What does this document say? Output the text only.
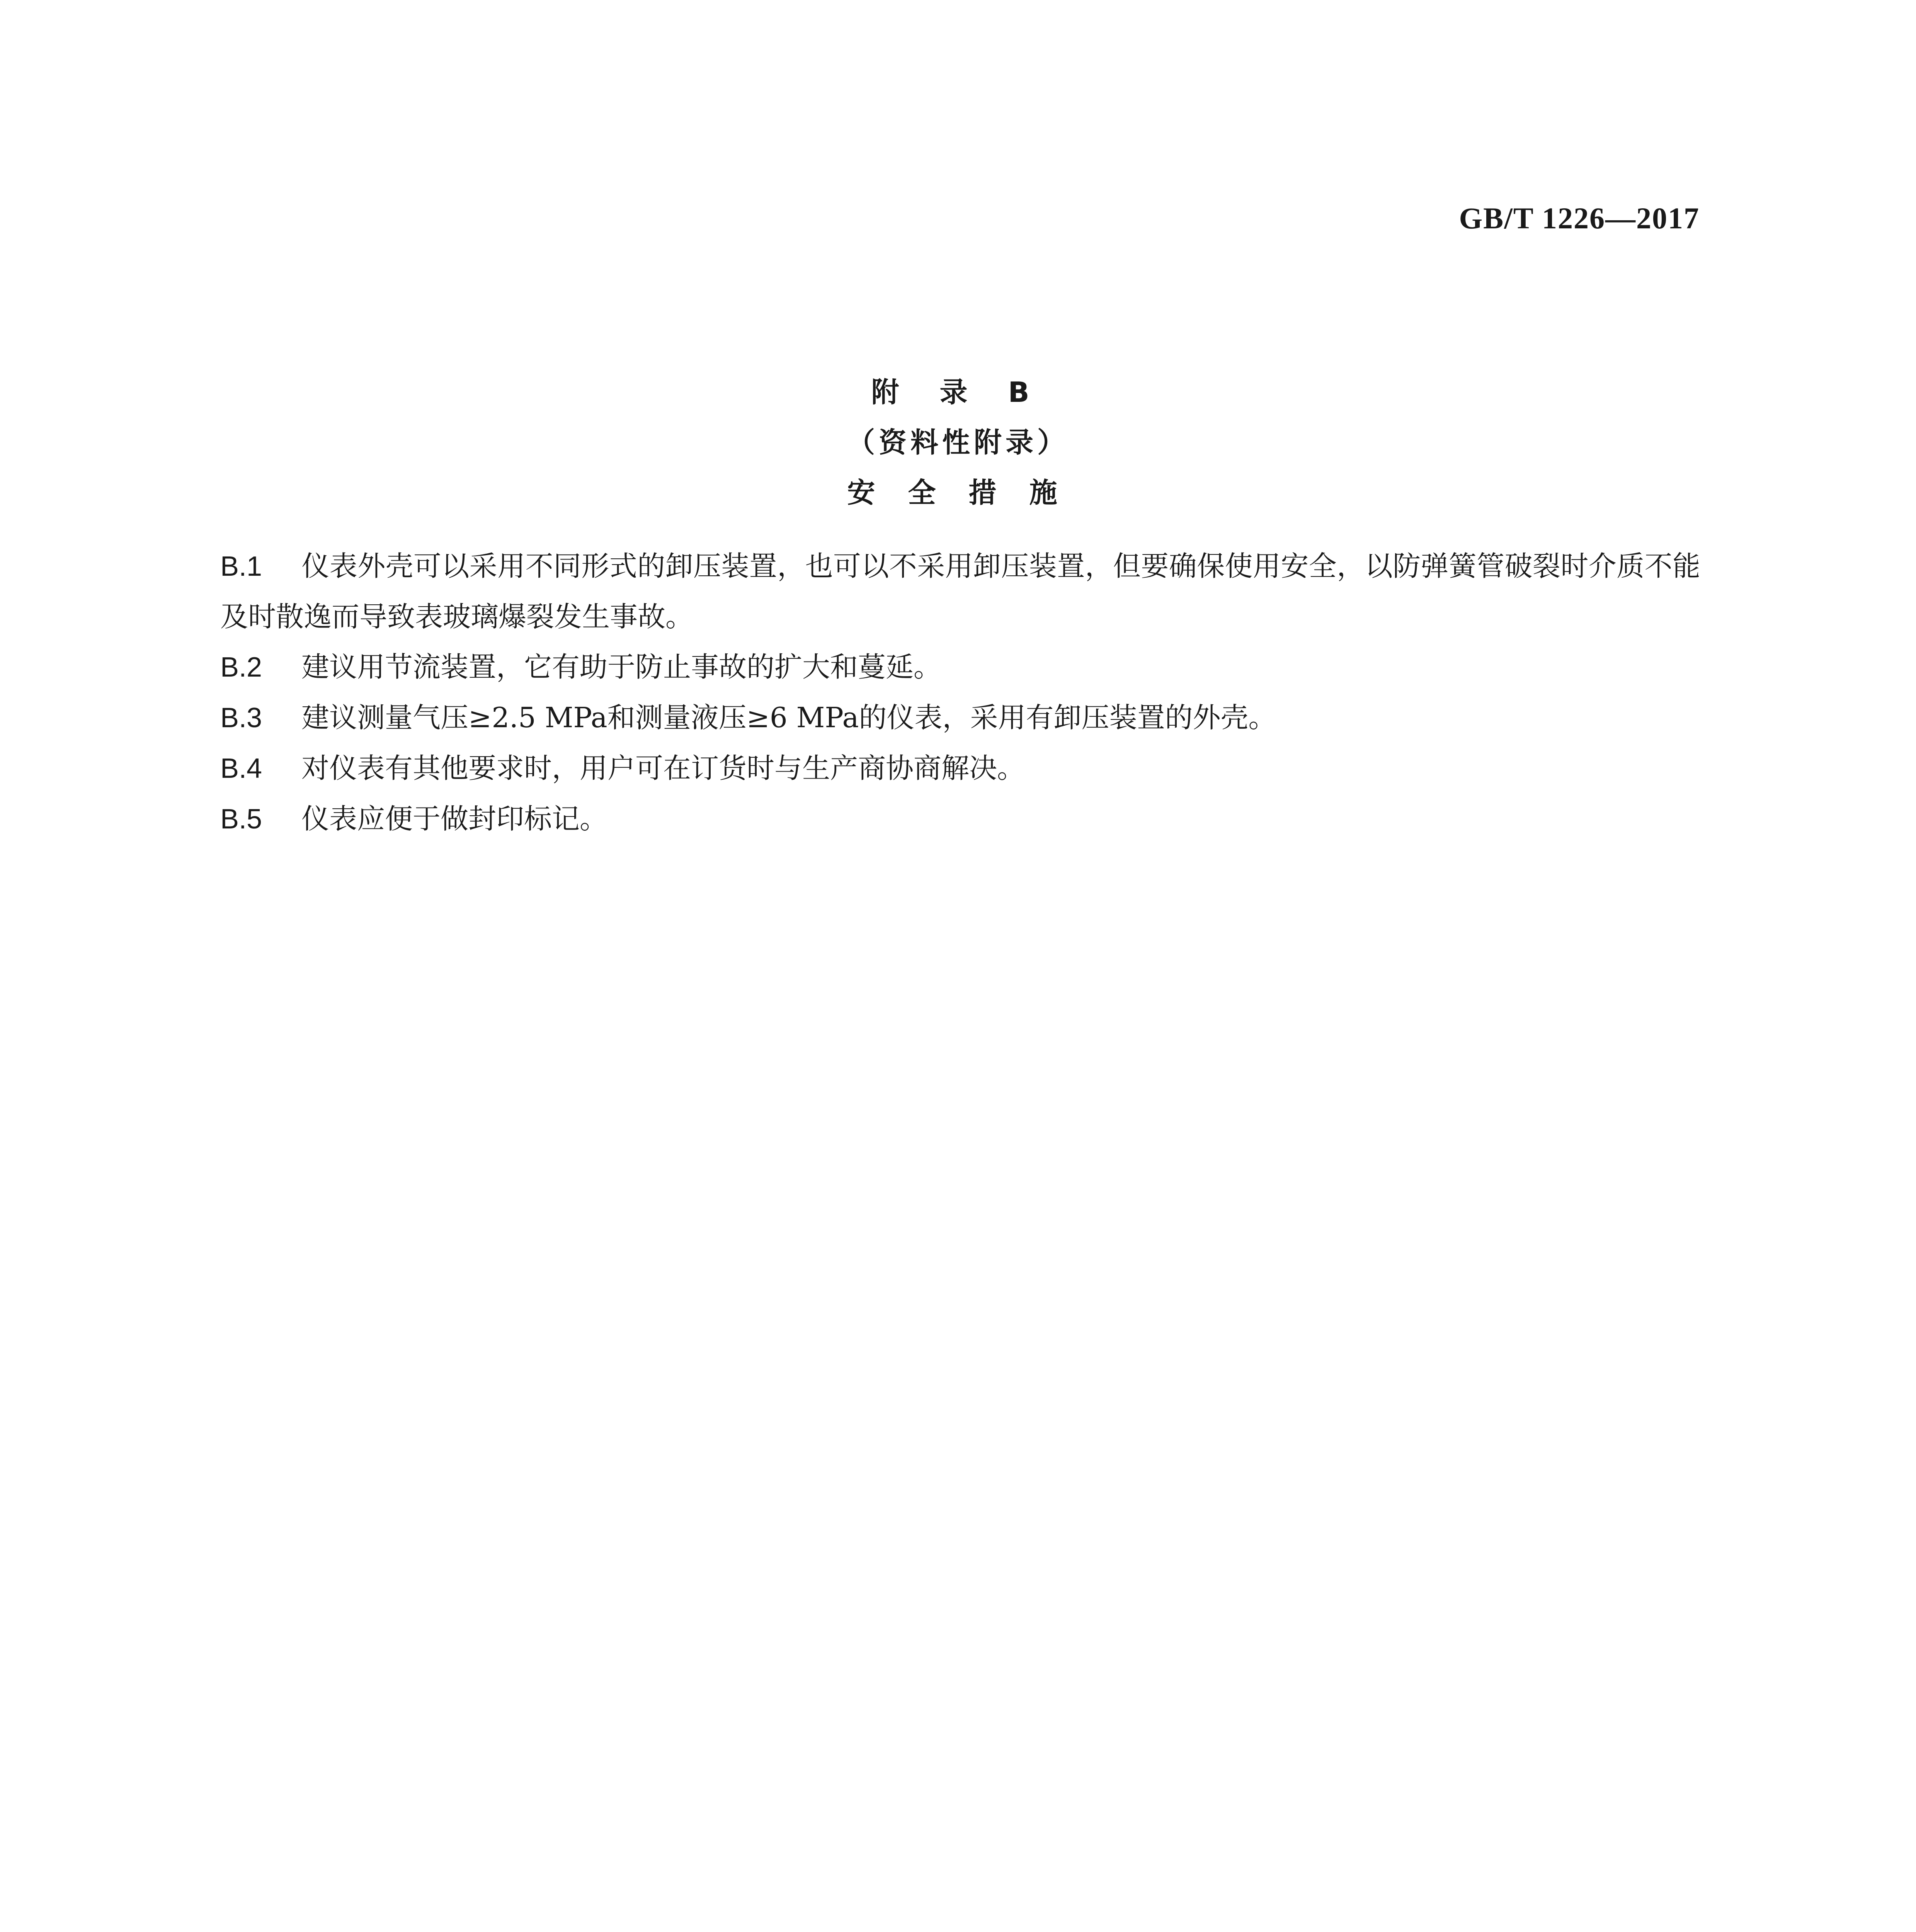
GB/T 1226—2017
附 录 B
（资料性附录）
安 全 措 施
B.1 仪表外壳可以采用不同形式的卸压装置，也可以不采用卸压装置，但要确保使用安全，以防弹簧管破裂时介质不能及时散逸而导致表玻璃爆裂发生事故。
B.2 建议用节流装置，它有助于防止事故的扩大和蔓延。
B.3 建议测量气压≥2.5 MPa和测量液压≥6 MPa的仪表，采用有卸压装置的外壳。
B.4 对仪表有其他要求时，用户可在订货时与生产商协商解决。
B.5 仪表应便于做封印标记。
